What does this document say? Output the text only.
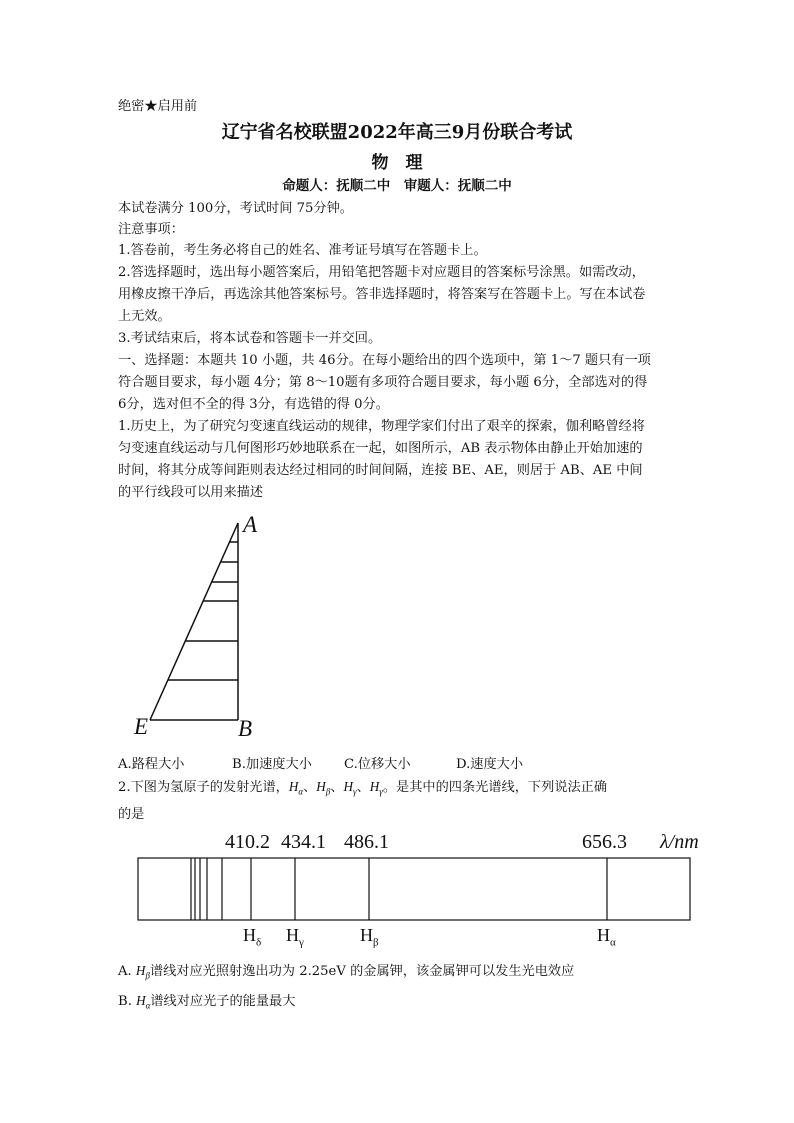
绝密★启用前
辽宁省名校联盟2022年高三9月份联合考试
物　理
命题人：抚顺二中　审题人：抚顺二中
本试卷满分 100分，考试时间 75分钟。
注意事项：
1.答卷前，考生务必将自己的姓名、准考证号填写在答题卡上。
2.答选择题时，选出每小题答案后，用铅笔把答题卡对应题目的答案标号涂黑。如需改动，
用橡皮擦干净后，再选涂其他答案标号。答非选择题时，将答案写在答题卡上。写在本试卷
上无效。
3.考试结束后，将本试卷和答题卡一并交回。
一、选择题：本题共 10 小题，共 46分。在每小题给出的四个选项中，第 1～7 题只有一项
符合题目要求，每小题 4分；第 8～10题有多项符合题目要求，每小题 6分，全部选对的得
6分，选对但不全的得 3分，有选错的得 0分。
1.历史上，为了研究匀变速直线运动的规律，物理学家们付出了艰辛的探索，伽利略曾经将
匀变速直线运动与几何图形巧妙地联系在一起，如图所示，AB 表示物体由静止开始加速的
时间，将其分成等间距则表达经过相同的时间间隔，连接 BE、AE，则居于 AB、AE 中间
的平行线段可以用来描述
A
B
E
A.路程大小	B.加速度大小 C.位移大小	D.速度大小
2.下图为氢原子的发射光谱，$H_\alpha$、$H_\beta$、$H_\gamma$、$H_\gamma$。是其中的四条光谱线，下列说法正确
的是
410.2 434.1 486.1	656.3 λ/nm
$H_\delta$ $H_\gamma$	$H_\beta$	$H_\alpha$
A. $H_\beta$谱线对应光照射逸出功为 2.25eV 的金属钾，该金属钾可以发生光电效应
B. $H_\alpha$谱线对应光子的能量最大
